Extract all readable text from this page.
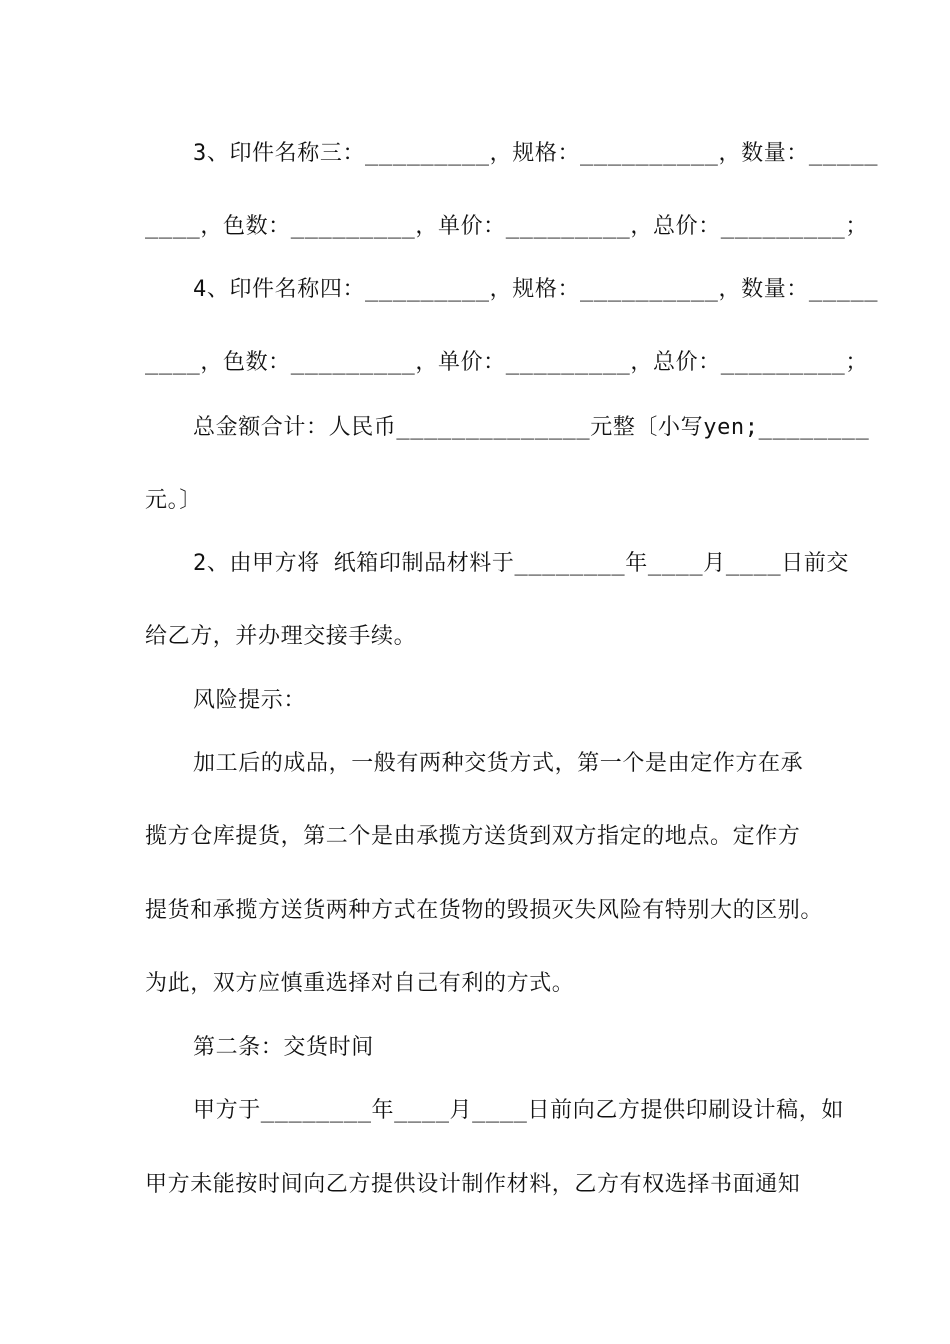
3、印件名称三：_________，规格：__________，数量：_____
____，色数：_________，单价：_________，总价：_________；
4、印件名称四：_________，规格：__________，数量：_____
____，色数：_________，单价：_________，总价：_________；
总金额合计：人民币______________元整〔小写yen;________
元。〕
2、由甲方将 纸箱印制品材料于________年____月____日前交
给乙方，并办理交接手续。
风险提示：
加工后的成品，一般有两种交货方式，第一个是由定作方在承
揽方仓库提货，第二个是由承揽方送货到双方指定的地点。定作方
提货和承揽方送货两种方式在货物的毁损灭失风险有特别大的区别。
为此，双方应慎重选择对自己有利的方式。
第二条：交货时间
甲方于________年____月____日前向乙方提供印刷设计稿，如
甲方未能按时间向乙方提供设计制作材料，乙方有权选择书面通知
